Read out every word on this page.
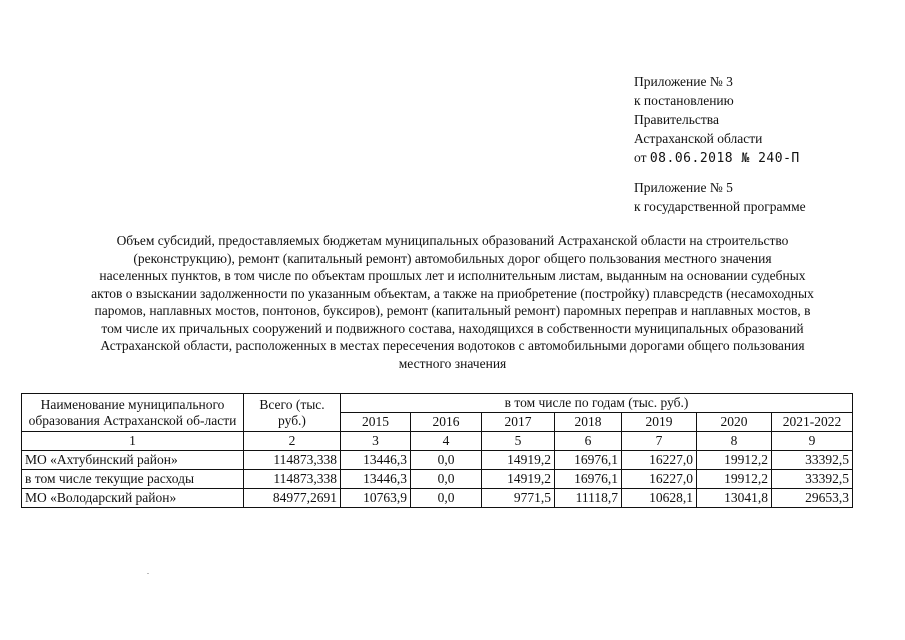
Приложение № 3
к постановлению
Правительства
Астраханской области
от 08.06.2018 № 240-П
Приложение № 5
к государственной программе
Объем субсидий, предоставляемых бюджетам муниципальных образований Астраханской области на строительство
(реконструкцию), ремонт (капитальный ремонт) автомобильных дорог общего пользования местного значения
населенных пунктов, в том числе по объектам прошлых лет и исполнительным листам, выданным на основании судебных
актов о взыскании задолженности по указанным объектам, а также на приобретение (постройку) плавсредств (несамоходных
паромов, наплавных мостов, понтонов, буксиров), ремонт (капитальный ремонт) паромных переправ и наплавных мостов, в
том числе их причальных сооружений и подвижного состава, находящихся в собственности муниципальных образований
Астраханской области, расположенных в местах пересечения водотоков с автомобильными дорогами общего пользования
местного значения
Наименование муниципального образования Астраханской об-ласти	Всего (тыс. руб.)	в том числе по годам (тыс. руб.)						
		2015	2016	2017	2018	2019	2020	2021-2022
1	2	3	4	5	6	7	8	9
МО «Ахтубинский район»	114873,338	13446,3	0,0	14919,2	16976,1	16227,0	19912,2	33392,5
в том числе текущие расходы	114873,338	13446,3	0,0	14919,2	16976,1	16227,0	19912,2	33392,5
МО «Володарский район»	84977,2691	10763,9	0,0	9771,5	11118,7	10628,1	13041,8	29653,3
